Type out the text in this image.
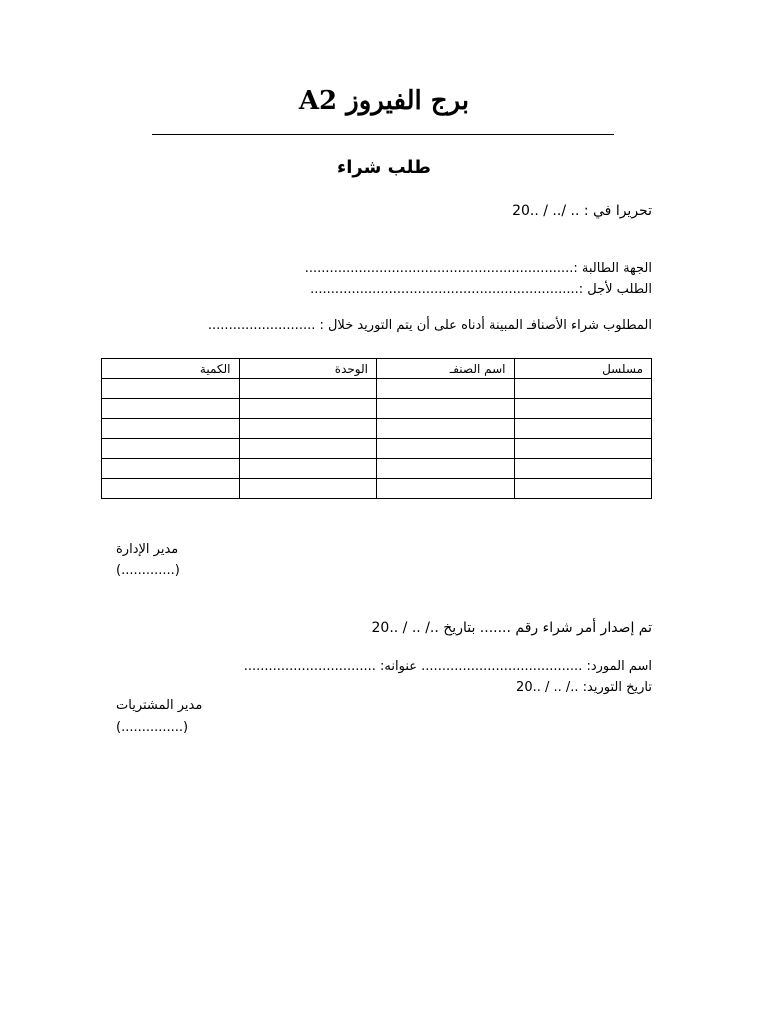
برج الفيروز A2
طلب شراء
تحريرا في : .. /.. / ..20
الجهة الطالبة :.................................................................
الطلب لأجل :.................................................................
المطلوب شراء الأصنافـ المبينة أدناه على أن يتم التوريد خلال : ..........................
مسلسل	اسم الصنفـ	الوحدة	الكمية

مدير الإدارة
(.............)
تم إصدار أمر شراء رقم ....... بتاريخ ../ .. / ..20
اسم المورد: ....................................... عنوانه: ................................
تاريخ التوريد: ../ .. / ..20
مدير المشتريات
(...............)
